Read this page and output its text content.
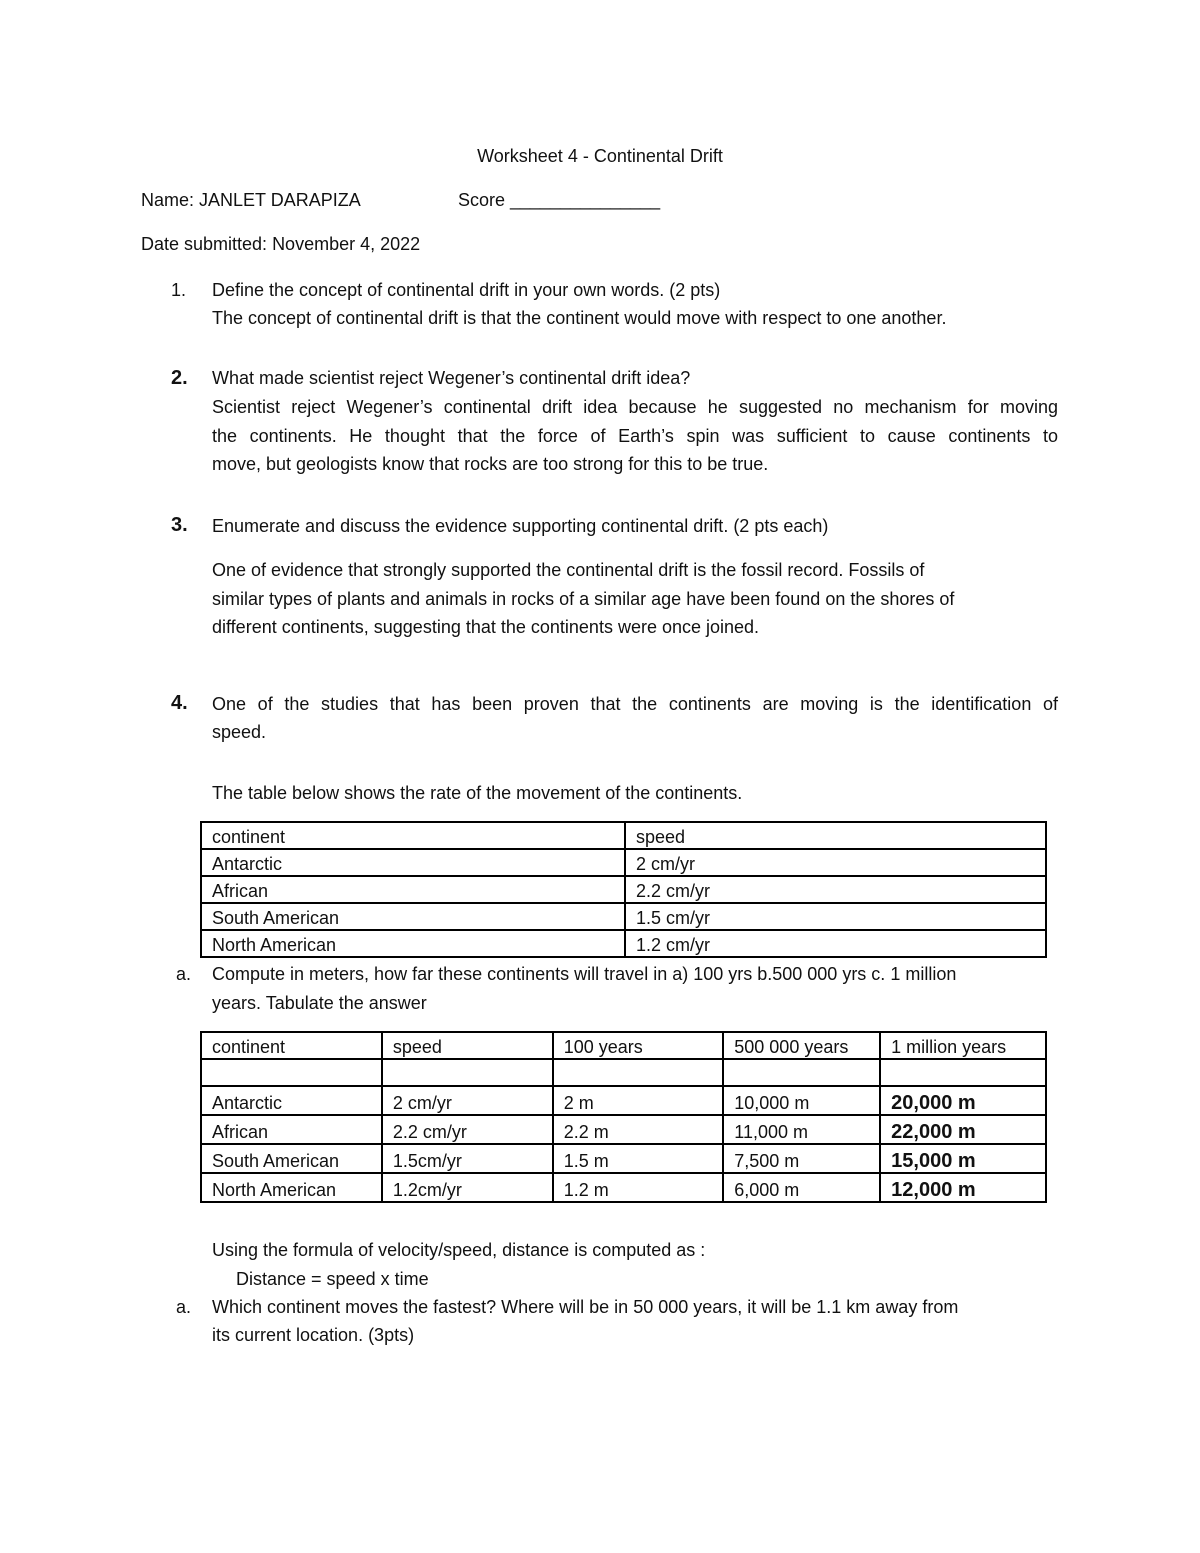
Worksheet 4 - Continental Drift
Name: JANLET DARAPIZA	Score _______________
Date submitted: November 4, 2022
1. Define the concept of continental drift in your own words. (2 pts)
The concept of continental drift is that the continent would move with respect to one another.
2. What made scientist reject Wegener’s continental drift idea?
Scientist reject Wegener’s continental drift idea because he suggested no mechanism for moving
the continents. He thought that the force of Earth’s spin was sufficient to cause continents to
move, but geologists know that rocks are too strong for this to be true.
3. Enumerate and discuss the evidence supporting continental drift. (2 pts each)
One of evidence that strongly supported the continental drift is the fossil record. Fossils of
similar types of plants and animals in rocks of a similar age have been found on the shores of
different continents, suggesting that the continents were once joined.
4. One of the studies that has been proven that the continents are moving is the identification of
speed.
The table below shows the rate of the movement of the continents.
continent	speed
Antarctic	2 cm/yr
African	2.2 cm/yr
South American	1.5 cm/yr
North American	1.2 cm/yr
a. Compute in meters, how far these continents will travel in a) 100 yrs b.500 000 yrs c. 1 million
years. Tabulate the answer
continent	speed	100 years	500 000 years	1 million years

Antarctic	2 cm/yr	2 m	10,000 m	20,000 m
African	2.2 cm/yr	2.2 m	11,000 m	22,000 m
South American	1.5cm/yr	1.5 m	7,500 m	15,000 m
North American	1.2cm/yr	1.2 m	6,000 m	12,000 m
Using the formula of velocity/speed, distance is computed as :
Distance = speed x time
a. Which continent moves the fastest? Where will be in 50 000 years, it will be 1.1 km away from
its current location. (3pts)
